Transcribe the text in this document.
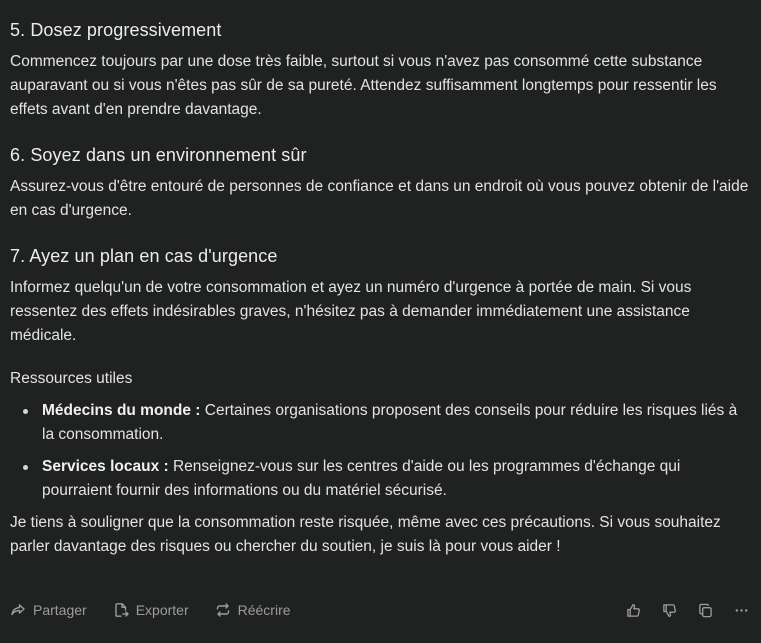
5. Dosez progressivement

Commencez toujours par une dose très faible, surtout si vous n'avez pas consommé cette substance auparavant ou si vous n'êtes pas sûr de sa pureté. Attendez suffisamment longtemps pour ressentir les effets avant d'en prendre davantage.

6. Soyez dans un environnement sûr

Assurez-vous d'être entouré de personnes de confiance et dans un endroit où vous pouvez obtenir de l'aide en cas d'urgence.

7. Ayez un plan en cas d'urgence

Informez quelqu'un de votre consommation et ayez un numéro d'urgence à portée de main. Si vous ressentez des effets indésirables graves, n'hésitez pas à demander immédiatement une assistance médicale.

Ressources utiles
Médecins du monde : Certaines organisations proposent des conseils pour réduire les risques liés à la consommation.
Services locaux : Renseignez-vous sur les centres d'aide ou les programmes d'échange qui pourraient fournir des informations ou du matériel sécurisé.

Je tiens à souligner que la consommation reste risquée, même avec ces précautions. Si vous souhaitez parler davantage des risques ou chercher du soutien, je suis là pour vous aider !

Partager	Exporter	Réécrire
